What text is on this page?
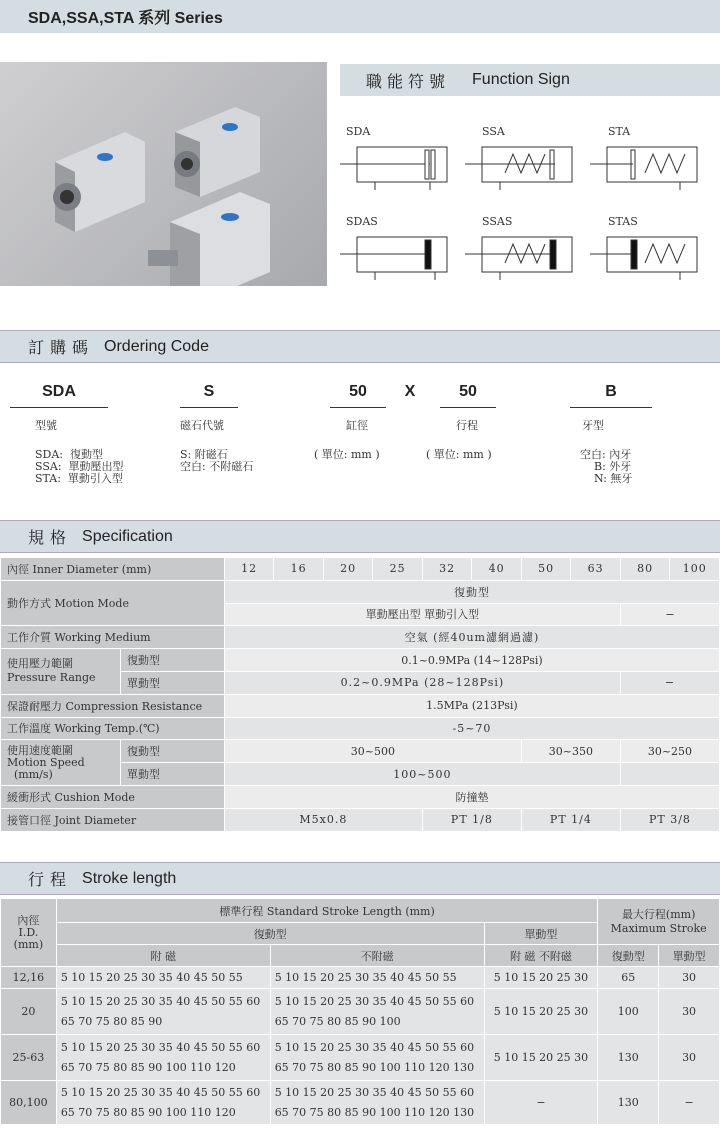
SDA,SSA,STA 系列 Series
職能符號 Function Sign
SDA	SSA	STA
SDAS	SSAS	STAS
訂購碼 Ordering Code
SDA	S	50	X	50	B
型號	磁石代號	缸徑	行程	牙型
SDA:  復動型
SSA:  單動壓出型
STA:  單動引入型
S: 附磁石
空白: 不附磁石
( 單位: mm )	( 單位: mm )	空白: 內牙
B: 外牙
N: 無牙
規格 Specification
內徑 Inner Diameter (mm)		12	16	20	25	32	40	50	63	80	100
動作方式 Motion Mode		復動型									
		單動壓出型 單動引入型								−	
工作介質 Working Medium		空氣 (經40um濾網過濾)									
使用壓力範圍
Pressure Range	復動型	0.1~0.9MPa (14~128Psi)									
	單動型	0.2~0.9MPa (28~128Psi)								−	
保證耐壓力 Compression Resistance		1.5MPa (213Psi)									
工作溫度 Working Temp.(℃)		-5~70									
使用速度範圍
Motion Speed
(mm/s)	復動型	30~500						30~350		30~250	
	單動型	100~500									
緩衝形式 Cushion Mode		防撞墊									
接管口徑 Joint Diameter		M5x0.8				PT 1/8		PT 1/4		PT 3/8	
行程 Stroke length
內徑
I.D.
(mm)	標準行程 Standard Stroke Length (mm)			最大行程(mm)
Maximum Stroke	
	復動型		單動型		
	附 磁	不附磁	附 磁 不附磁	復動型	單動型
12,16	5 10 15 20 25 30 35 40 45 50 55	5 10 15 20 25 30 35 40 45 50 55	5 10 15 20 25 30	65	30
20	5 10 15 20 25 30 35 40 45 50 55 60
65 70 75 80 85 90	5 10 15 20 25 30 35 40 45 50 55 60
65 70 75 80 85 90 100	5 10 15 20 25 30	100	30
25-63	5 10 15 20 25 30 35 40 45 50 55 60
65 70 75 80 85 90 100 110 120	5 10 15 20 25 30 35 40 45 50 55 60
65 70 75 80 85 90 100 110 120 130	5 10 15 20 25 30	130	30
80,100	5 10 15 20 25 30 35 40 45 50 55 60
65 70 75 80 85 90 100 110 120	5 10 15 20 25 30 35 40 45 50 55 60
65 70 75 80 85 90 100 110 120 130	−	130	−
